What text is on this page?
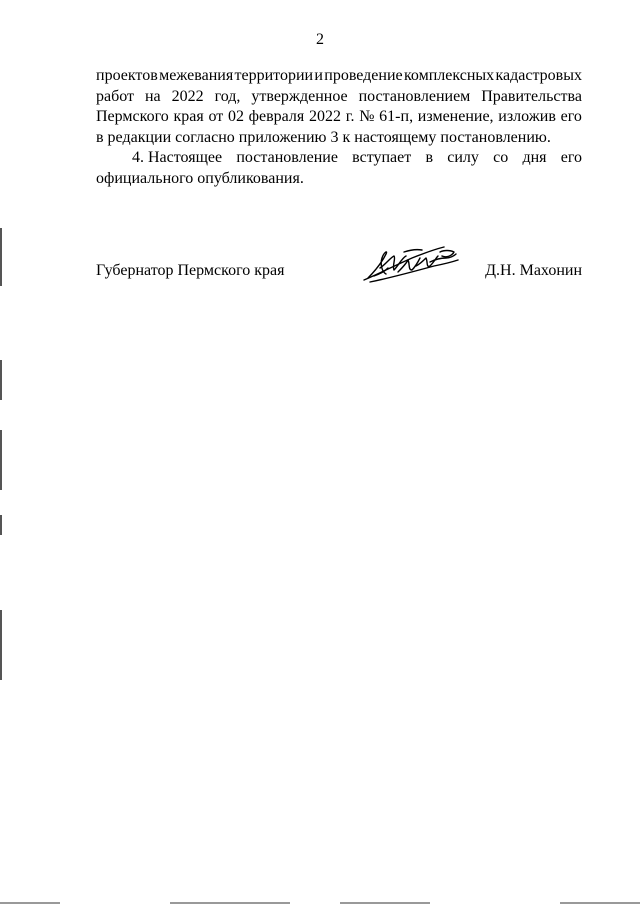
2
проектов межевания территории и проведение комплексных кадастровых
работ на 2022 год, утвержденное постановлением Правительства
Пермского края от 02 февраля 2022 г. № 61-п, изменение, изложив его
в редакции согласно приложению 3 к настоящему постановлению.
4. Настоящее постановление вступает в силу со дня его
официального опубликования.
Губернатор Пермского края	Д.Н. Махонин
